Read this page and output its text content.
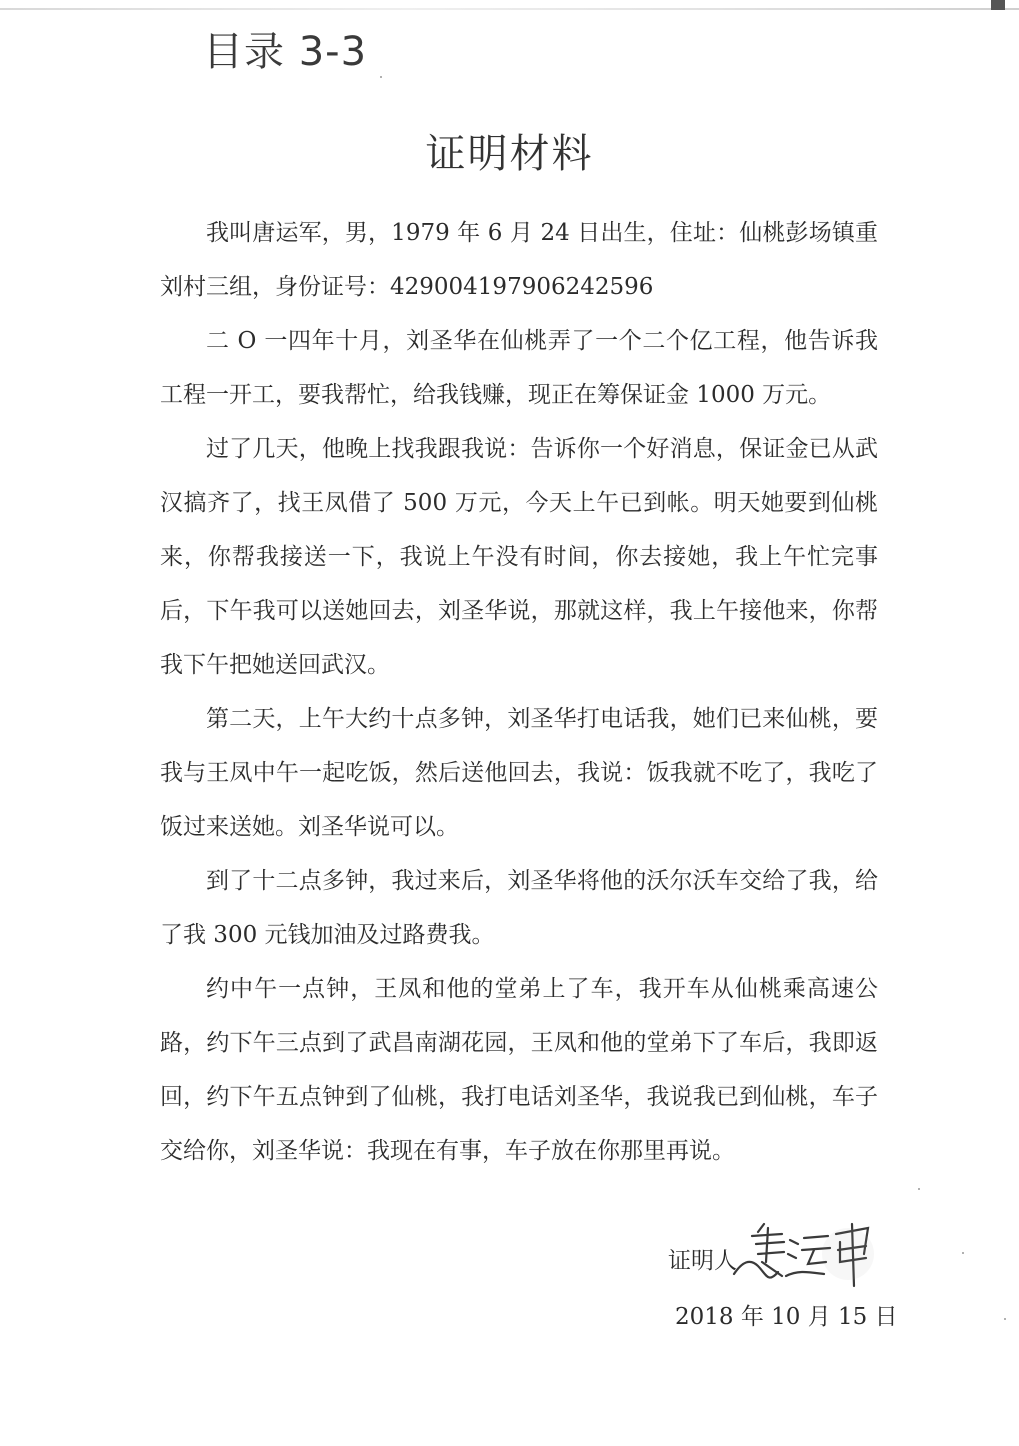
目录 3-3
证明材料

我叫唐运军，男，1979 年 6 月 24 日出生，住址：仙桃彭场镇重刘村三组，身份证号：429004197906242596

二 O 一四年十月，刘圣华在仙桃弄了一个二个亿工程，他告诉我工程一开工，要我帮忙，给我钱赚，现正在筹保证金 1000 万元。

过了几天，他晚上找我跟我说：告诉你一个好消息，保证金已从武汉搞齐了，找王凤借了 500 万元，今天上午已到帐。明天她要到仙桃来，你帮我接送一下，我说上午没有时间，你去接她，我上午忙完事后，下午我可以送她回去，刘圣华说，那就这样，我上午接他来，你帮我下午把她送回武汉。

第二天，上午大约十点多钟，刘圣华打电话我，她们已来仙桃，要我与王凤中午一起吃饭，然后送他回去，我说：饭我就不吃了，我吃了饭过来送她。刘圣华说可以。

到了十二点多钟，我过来后，刘圣华将他的沃尔沃车交给了我，给了我 300 元钱加油及过路费我。

约中午一点钟，王凤和他的堂弟上了车，我开车从仙桃乘高速公路，约下午三点到了武昌南湖花园，王凤和他的堂弟下了车后，我即返回，约下午五点钟到了仙桃，我打电话刘圣华，我说我已到仙桃，车子交给你，刘圣华说：我现在有事，车子放在你那里再说。

证明人
2018 年 10 月 15 日
